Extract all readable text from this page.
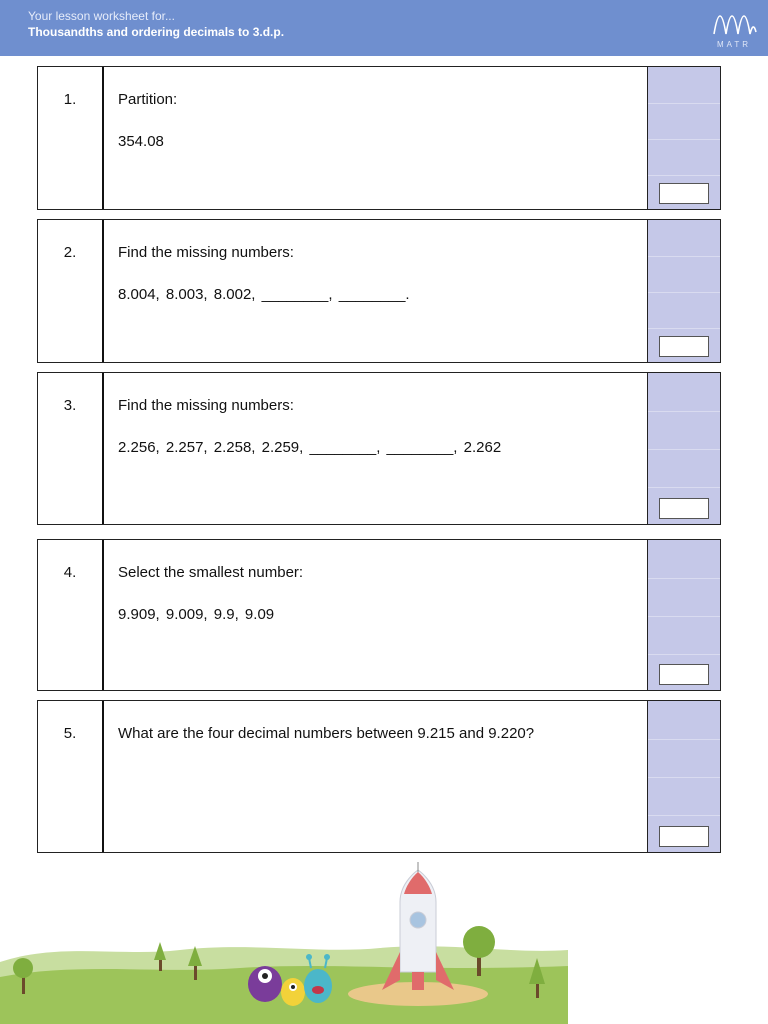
Your lesson worksheet for...
Thousandths and ordering decimals to 3.d.p.
MATR
1.	Partition:
354.08
2.	Find the missing numbers:
8.004, 8.003, 8.002, ________, ________.
3.	Find the missing numbers:
2.256, 2.257, 2.258, 2.259, ________, ________, 2.262
4.	Select the smallest number:
9.909, 9.009, 9.9, 9.09
5.	What are the four decimal numbers between 9.215 and 9.220?
